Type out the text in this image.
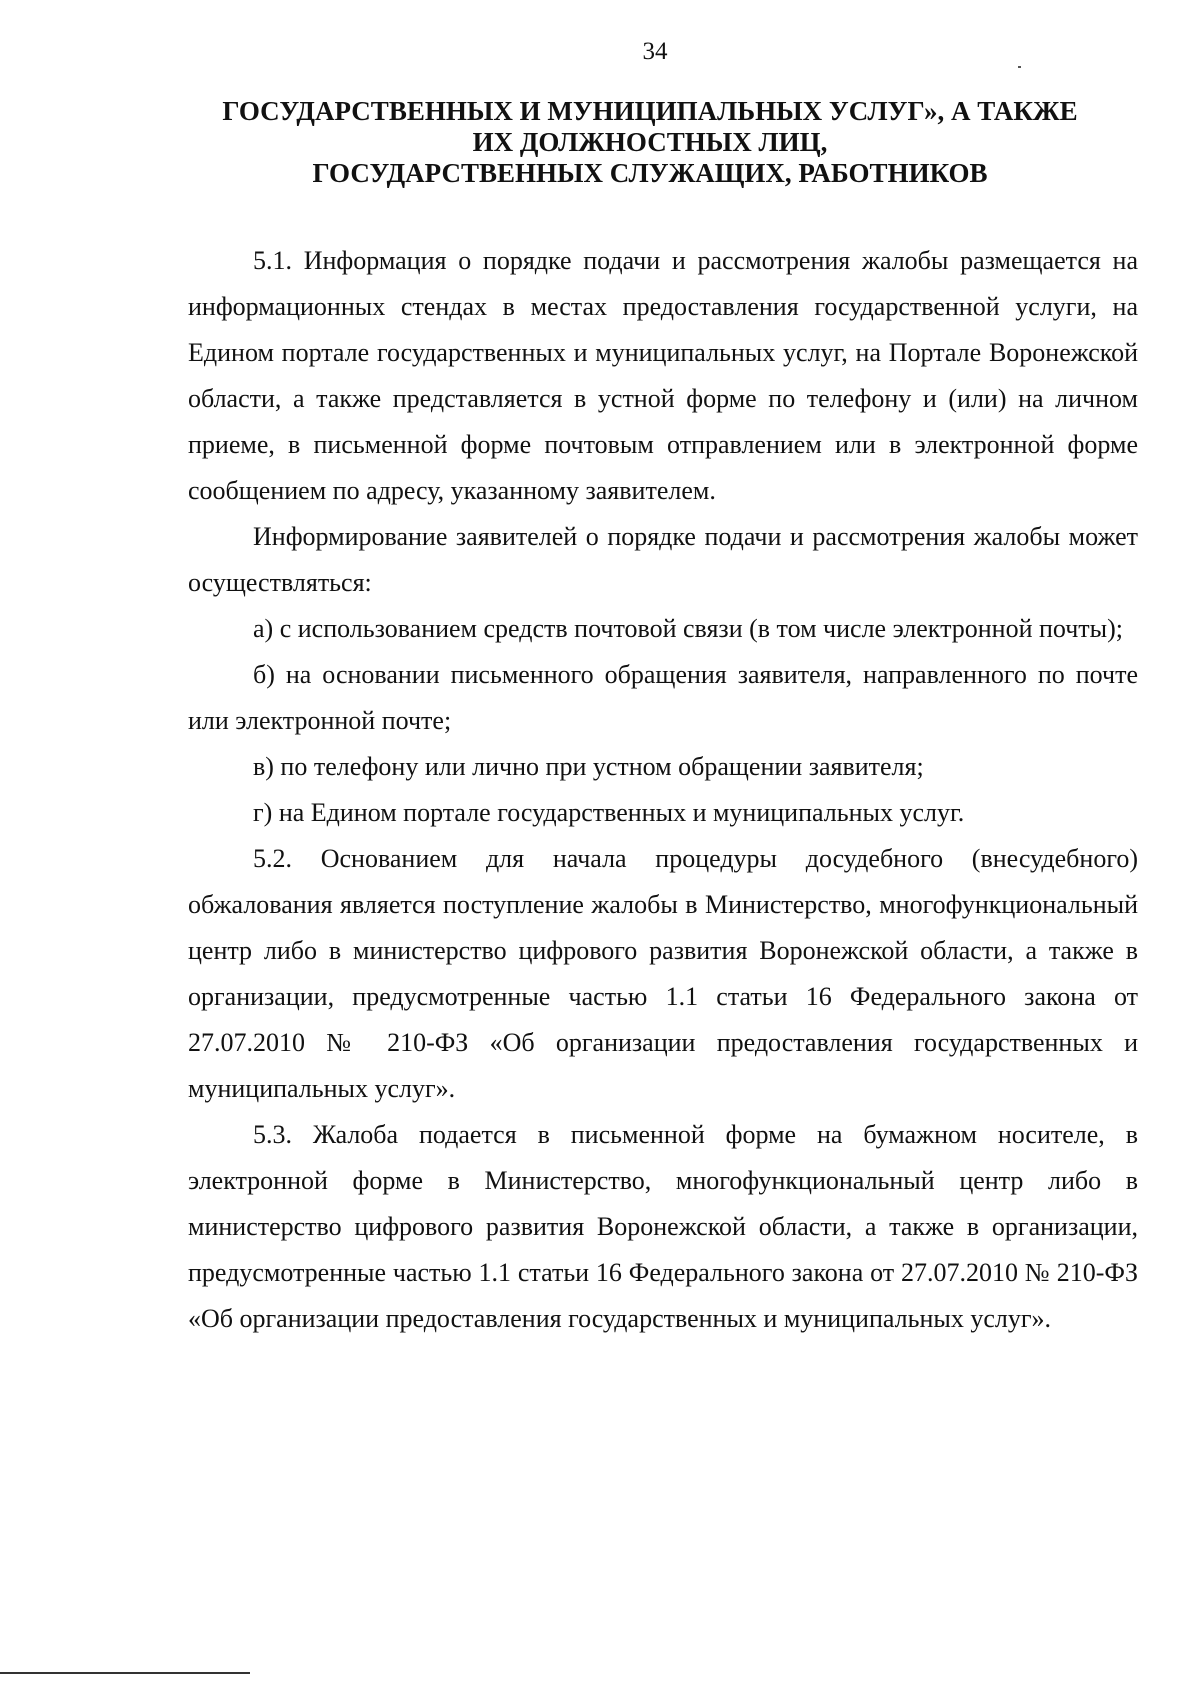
34
ГОСУДАРСТВЕННЫХ И МУНИЦИПАЛЬНЫХ УСЛУГ», А ТАКЖЕ
ИХ ДОЛЖНОСТНЫХ ЛИЦ,
ГОСУДАРСТВЕННЫХ СЛУЖАЩИХ, РАБОТНИКОВ

5.1. Информация о порядке подачи и рассмотрения жалобы размещается на информационных стендах в местах предоставления государственной услуги, на Едином портале государственных и муниципальных услуг, на Портале Воронежской области, а также представляется в устной форме по телефону и (или) на личном приеме, в письменной форме почтовым отправлением или в электронной форме сообщением по адресу, указанному заявителем.

Информирование заявителей о порядке подачи и рассмотрения жалобы может осуществляться:

а) с использованием средств почтовой связи (в том числе электронной почты);

б) на основании письменного обращения заявителя, направленного по почте или электронной почте;

в) по телефону или лично при устном обращении заявителя;

г) на Едином портале государственных и муниципальных услуг.

5.2. Основанием для начала процедуры досудебного (внесудебного) обжалования является поступление жалобы в Министерство, многофункциональный центр либо в министерство цифрового развития Воронежской области, а также в организации, предусмотренные частью 1.1 статьи 16 Федерального закона от 27.07.2010 № 210-ФЗ «Об организации предоставления государственных и муниципальных услуг».

5.3. Жалоба подается в письменной форме на бумажном носителе, в электронной форме в Министерство, многофункциональный центр либо в министерство цифрового развития Воронежской области, а также в организации, предусмотренные частью 1.1 статьи 16 Федерального закона от 27.07.2010 № 210-ФЗ «Об организации предоставления государственных и муниципальных услуг».
